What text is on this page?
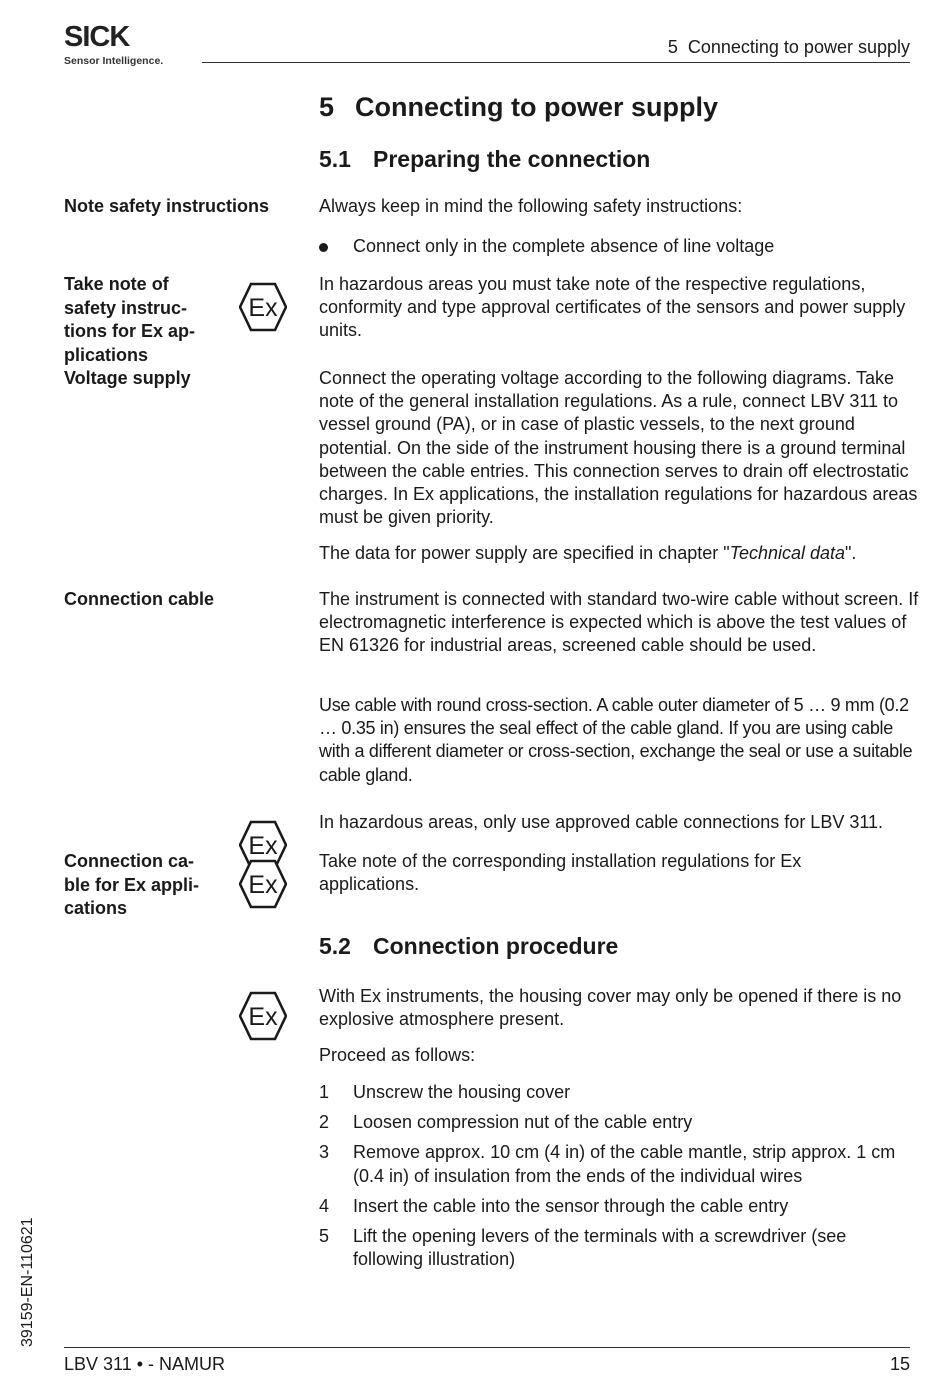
SICK
Sensor Intelligence.
5  Connecting to power supply
5 Connecting to power supply
5.1 Preparing the connection
Note safety instructions
Take note of safety instructions for Ex applications
Voltage supply
Connection cable
Connection cable for Ex applications
Ex
Ex
Ex
Ex

Always keep in mind the following safety instructions:

Connect only in the complete absence of line voltage

In hazardous areas you must take note of the respective regulations, conformity and type approval certificates of the sensors and power supply units.

Connect the operating voltage according to the following diagrams. Take note of the general installation regulations. As a rule, connect LBV 311 to vessel ground (PA), or in case of plastic vessels, to the next ground potential. On the side of the instrument housing there is a ground terminal between the cable entries. This connection serves to drain off electrostatic charges. In Ex applications, the installation regulations for hazardous areas must be given priority.

The data for power supply are specified in chapter "Technical data".

The instrument is connected with standard two-wire cable without screen. If electromagnetic interference is expected which is above the test values of EN 61326 for industrial areas, screened cable should be used.

Use cable with round cross-section. A cable outer diameter of 5 … 9 mm (0.2 … 0.35 in) ensures the seal effect of the cable gland. If you are using cable with a different diameter or cross-section, exchange the seal or use a suitable cable gland.

In hazardous areas, only use approved cable connections for LBV 311.

Take note of the corresponding installation regulations for Ex applications.

5.2 Connection procedure

With Ex instruments, the housing cover may only be opened if there is no explosive atmosphere present.

Proceed as follows:

1	Unscrew the housing cover
2	Loosen compression nut of the cable entry
3	Remove approx. 10 cm (4 in) of the cable mantle, strip approx. 1 cm (0.4 in) of insulation from the ends of the individual wires
4	Insert the cable into the sensor through the cable entry
5	Lift the opening levers of the terminals with a screwdriver (see following illustration)
LBV 311 • - NAMUR	15
39159-EN-110621
